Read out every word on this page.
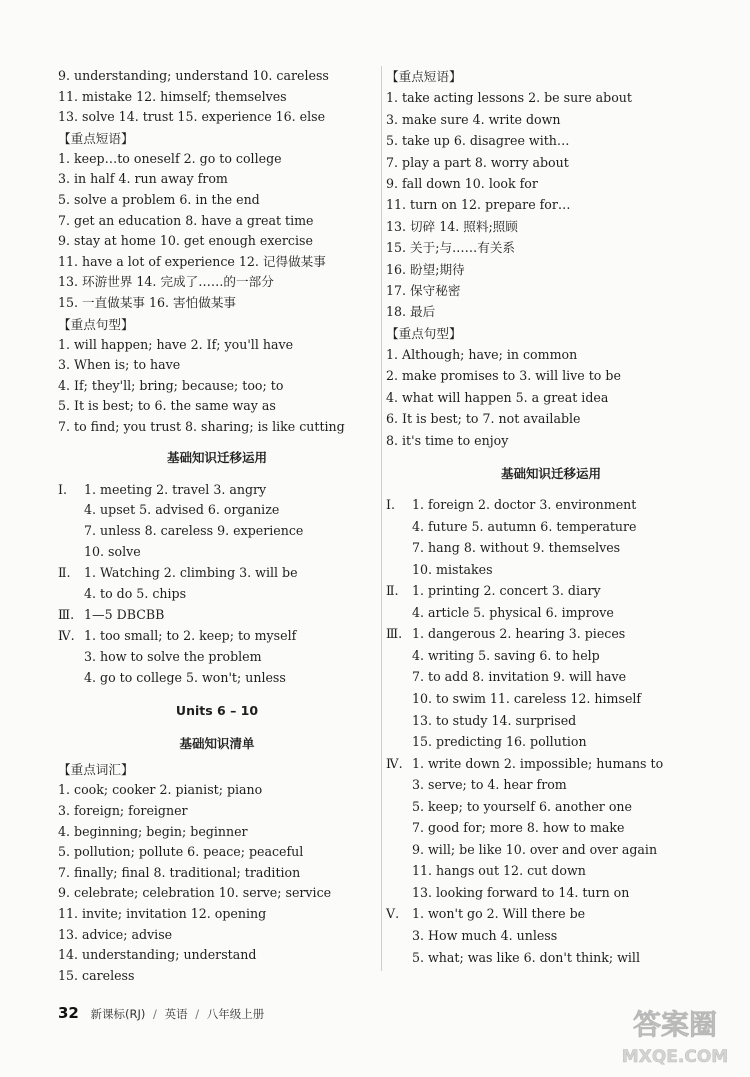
9. understanding; understand 10. careless
11. mistake 12. himself; themselves
13. solve 14. trust 15. experience 16. else
【重点短语】
1. keep…to oneself 2. go to college
3. in half 4. run away from
5. solve a problem 6. in the end
7. get an education 8. have a great time
9. stay at home 10. get enough exercise
11. have a lot of experience 12. 记得做某事
13. 环游世界 14. 完成了……的一部分
15. 一直做某事 16. 害怕做某事
【重点句型】
1. will happen; have 2. If; you'll have
3. When is; to have
4. If; they'll; bring; because; too; to
5. It is best; to 6. the same way as
7. to find; you trust 8. sharing; is like cutting
基础知识迁移运用
Ⅰ. 1. meeting 2. travel 3. angry
4. upset 5. advised 6. organize
7. unless 8. careless 9. experience
10. solve
Ⅱ. 1. Watching 2. climbing 3. will be
4. to do 5. chips
Ⅲ. 1—5 DBCBB
Ⅳ. 1. too small; to 2. keep; to myself
3. how to solve the problem
4. go to college 5. won't; unless
Units 6 – 10
基础知识清单
【重点词汇】
1. cook; cooker 2. pianist; piano
3. foreign; foreigner
4. beginning; begin; beginner
5. pollution; pollute 6. peace; peaceful
7. finally; final 8. traditional; tradition
9. celebrate; celebration 10. serve; service
11. invite; invitation 12. opening
13. advice; advise
14. understanding; understand
15. careless
【重点短语】
1. take acting lessons 2. be sure about
3. make sure 4. write down
5. take up 6. disagree with…
7. play a part 8. worry about
9. fall down 10. look for
11. turn on 12. prepare for…
13. 切碎 14. 照料;照顾
15. 关于;与……有关系
16. 盼望;期待
17. 保守秘密
18. 最后
【重点句型】
1. Although; have; in common
2. make promises to 3. will live to be
4. what will happen 5. a great idea
6. It is best; to 7. not available
8. it's time to enjoy
基础知识迁移运用
Ⅰ. 1. foreign 2. doctor 3. environment
4. future 5. autumn 6. temperature
7. hang 8. without 9. themselves
10. mistakes
Ⅱ. 1. printing 2. concert 3. diary
4. article 5. physical 6. improve
Ⅲ. 1. dangerous 2. hearing 3. pieces
4. writing 5. saving 6. to help
7. to add 8. invitation 9. will have
10. to swim 11. careless 12. himself
13. to study 14. surprised
15. predicting 16. pollution
Ⅳ. 1. write down 2. impossible; humans to
3. serve; to 4. hear from
5. keep; to yourself 6. another one
7. good for; more 8. how to make
9. will; be like 10. over and over again
11. hangs out 12. cut down
13. looking forward to 14. turn on
Ⅴ. 1. won't go 2. Will there be
3. How much 4. unless
5. what; was like 6. don't think; will
32 新课标(RJ) / 英语 / 八年级上册	答案圈
MXQE.COM
